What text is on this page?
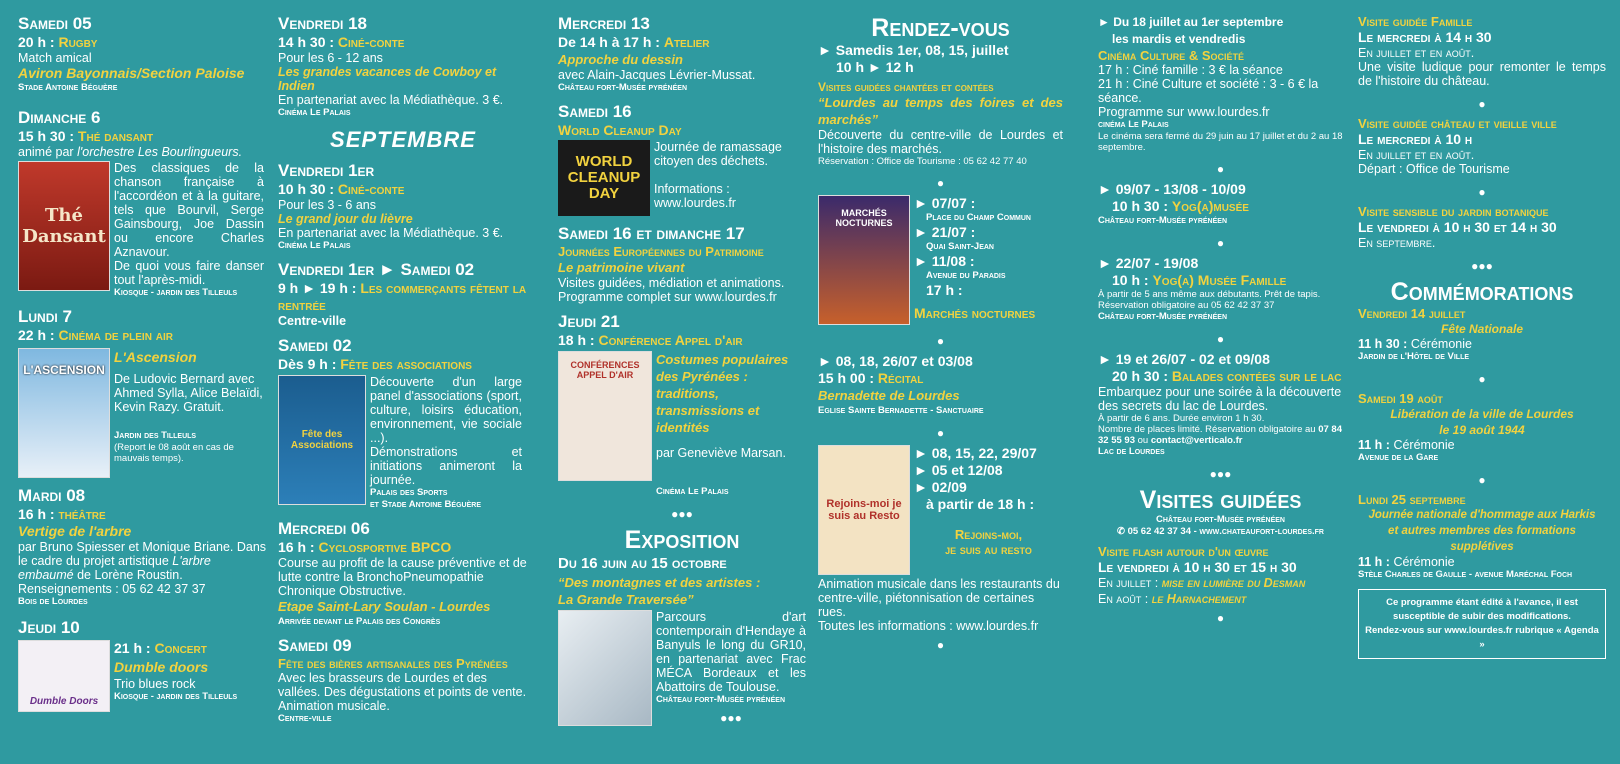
Samedi 05
20 h : Rugby
Match amical
Aviron Bayonnais/Section Paloise
Stade Antoine Béguère
Dimanche 6
15 h 30 : Thé dansant
animé par l'orchestre Les Bourlingueurs.
Thé Dansant
Des classiques de la chanson française à l'accordéon et à la guitare, tels que Bourvil, Serge Gainsbourg, Joe Dassin ou encore Charles Aznavour.
De quoi vous faire danser tout l'après-midi.
Kiosque - jardin des Tilleuls
Lundi 7
22 h : Cinéma de plein air
L'ASCENSION
L'Ascension
De Ludovic Bernard avec Ahmed Sylla, Alice Belaïdi, Kevin Razy. Gratuit.
Jardin des Tilleuls
(Report le 08 août en cas de mauvais temps).
Mardi 08
16 h : théâtre
Vertige de l'arbre
par Bruno Spiesser et Monique Briane. Dans le cadre du projet artistique L'arbre embaumé de Lorène Roustin.
Renseignements : 05 62 42 37 37
Bois de Lourdes
Jeudi 10
Dumble Doors
21 h : Concert
Dumble doors
Trio blues rock
Kiosque - jardin des Tilleuls
Vendredi 18
14 h 30 : Ciné-conte
Pour les 6 - 12 ans
Les grandes vacances de Cowboy et Indien
En partenariat avec la Médiathèque. 3 €.
Cinéma Le Palais
SEPTEMBRE
Vendredi 1er
10 h 30 : Ciné-conte
Pour les 3 - 6 ans
Le grand jour du lièvre
En partenariat avec la Médiathèque. 3 €.
Cinéma Le Palais
Vendredi 1er ► Samedi 02
9 h ► 19 h : Les commerçants fêtent la rentrée
Centre-ville
Samedi 02
Dès 9 h : Fête des associations
Fête des Associations
Découverte d'un large panel d'associations (sport, culture, loisirs éducation, environnement, vie sociale ...).
Démonstrations et initiations animeront la journée.
Palais des Sports
et Stade Antoine Béguère
Mercredi 06
16 h : Cyclosportive BPCO
Course au profit de la cause préventive et de lutte contre la BronchoPneumopathie Chronique Obstructive.
Etape Saint-Lary Soulan - Lourdes
Arrivée devant le Palais des Congrès
Samedi 09
Fête des bières artisanales des Pyrénées
Avec les brasseurs de Lourdes et des vallées. Des dégustations et points de vente. Animation musicale.
Centre-ville
Mercredi 13
De 14 h à 17 h : Atelier
Approche du dessin
avec Alain-Jacques Lévrier-Mussat.
Château fort-Musée pyrénéen
Samedi 16
World Cleanup Day
WORLD CLEANUP DAY
Journée de ramassage citoyen des déchets.
Informations :
www.lourdes.fr
Samedi 16 et dimanche 17
Journées Européennes du Patrimoine
Le patrimoine vivant
Visites guidées, médiation et animations. Programme complet sur www.lourdes.fr
Jeudi 21
18 h : Conférence Appel d'air
CONFÉRENCES APPEL D'AIR
Costumes populaires des Pyrénées : traditions, transmissions et identités
par Geneviève Marsan.
Cinéma Le Palais
●●●
Exposition
Du 16 juin au 15 octobre
“Des montagnes et des artistes :
La Grande Traversée”
Parcours d'art contemporain d'Hendaye à Banyuls le long du GR10, en partenariat avec Frac MÉCA Bordeaux et les Abattoirs de Toulouse.
Château fort-Musée pyrénéen
●●●
Rendez-vous
► Samedis 1er, 08, 15, juillet
10 h ► 12 h
Visites guidées chantées et contées
“Lourdes au temps des foires et des marchés”
Découverte du centre-ville de Lourdes et l'histoire des marchés.
Réservation : Office de Tourisme : 05 62 42 77 40
●
MARCHÉS NOCTURNES
► 07/07 :
Place du Champ Commun
► 21/07 :
Quai Saint-Jean
► 11/08 :
Avenue du Paradis
17 h :
Marchés nocturnes
●
► 08, 18, 26/07 et 03/08
15 h 00 : Récital
Bernadette de Lourdes
Eglise Sainte Bernadette - Sanctuaire
●
Rejoins-moi je suis au Resto
► 08, 15, 22, 29/07
► 05 et 12/08
► 02/09
à partir de 18 h :
Rejoins-moi,
je suis au resto
Animation musicale dans les restaurants du centre-ville, piétonnisation de certaines rues.
Toutes les informations : www.lourdes.fr
●
► Du 18 juillet au 1er septembre
les mardis et vendredis
Cinéma Culture & Société
17 h : Ciné famille : 3 € la séance
21 h : Ciné Culture et société : 3 - 6 € la séance.
Programme sur www.lourdes.fr
cinéma Le Palais
Le cinéma sera fermé du 29 juin au 17 juillet et du 2 au 18 septembre.
●
► 09/07 - 13/08 - 10/09
10 h 30 : Yog(a)musée
Château fort-Musée pyrénéen
●
► 22/07 - 19/08
10 h : Yog(a) Musée Famille
À partir de 5 ans même aux débutants. Prêt de tapis. Réservation obligatoire au 05 62 42 37 37
Château fort-Musée pyrénéen
●
► 19 et 26/07 - 02 et 09/08
20 h 30 : Balades contées sur le lac
Embarquez pour une soirée à la découverte des secrets du lac de Lourdes.
À partir de 6 ans. Durée environ 1 h 30.
Nombre de places limité. Réservation obligatoire au 07 84 32 55 93 ou contact@verticalo.fr
Lac de Lourdes
●●●
Visites guidées
Château fort-Musée pyrénéen
✆ 05 62 42 37 34 - www.chateaufort-lourdes.fr
Visite flash autour d'un œuvre
Le vendredi à 10 h 30 et 15 h 30
En juillet : mise en lumière du Desman
En août : le Harnachement
●
Visite guidée Famille
Le mercredi à 14 h 30
En juillet et en août.
Une visite ludique pour remonter le temps de l'histoire du château.
●
Visite guidée château et vieille ville
Le mercredi à 10 h
En juillet et en août.
Départ : Office de Tourisme
●
Visite sensible du jardin botanique
Le vendredi à 10 h 30 et 14 h 30
En septembre.
●●●
Commémorations
Vendredi 14 juillet
Fête Nationale
11 h 30 : Cérémonie
Jardin de l'Hôtel de Ville
●
Samedi 19 août
Libération de la ville de Lourdes
le 19 août 1944
11 h : Cérémonie
Avenue de la Gare
●
Lundi 25 septembre
Journée nationale d'hommage aux Harkis
et autres membres des formations supplétives
11 h : Cérémonie
Stèle Charles de Gaulle - avenue Maréchal Foch
Ce programme étant édité à l'avance, il est susceptible de subir des modifications.
Rendez-vous sur www.lourdes.fr rubrique « Agenda »
